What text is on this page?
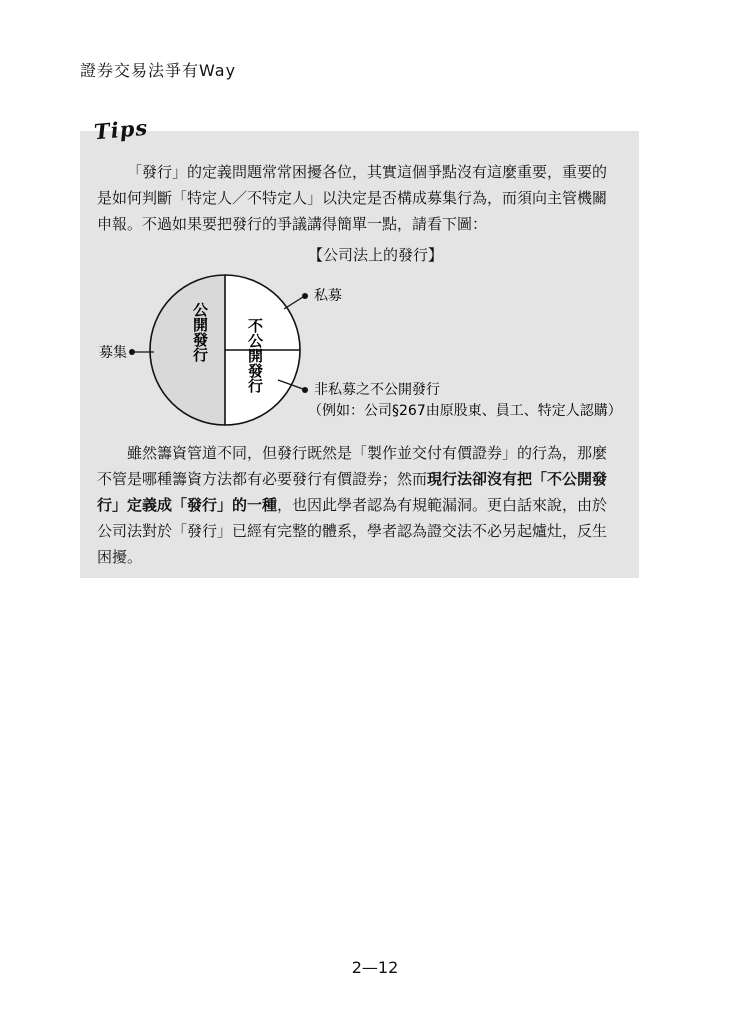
證券交易法爭有Way
Tips
「發行」的定義問題常常困擾各位，其實這個爭點沒有這麼重要，重要的
是如何判斷「特定人／不特定人」以決定是否構成募集行為，而須向主管機關
申報。不過如果要把發行的爭議講得簡單一點，請看下圖：
【公司法上的發行】
公開發行 不公開發行
募集
私募
非私募之不公開發行
（例如：公司§267由原股東、員工、特定人認購）
雖然籌資管道不同，但發行既然是「製作並交付有價證券」的行為，那麼
不管是哪種籌資方法都有必要發行有價證券；然而現行法卻沒有把「不公開發
行」定義成「發行」的一種，也因此學者認為有規範漏洞。更白話來說，由於
公司法對於「發行」已經有完整的體系，學者認為證交法不必另起爐灶，反生
困擾。
2—12
